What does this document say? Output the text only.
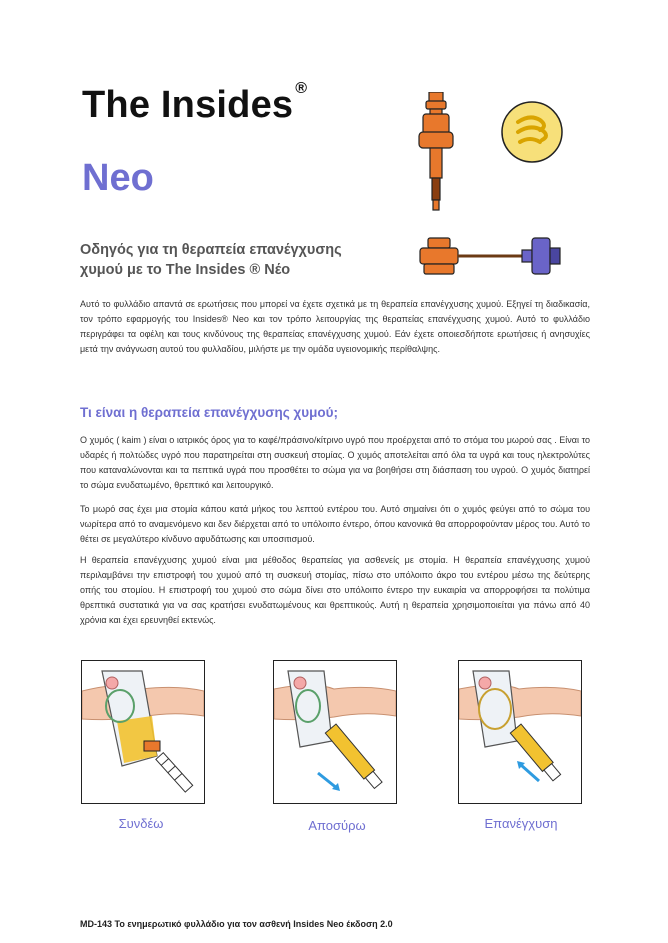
The Insides ®
Neo
Οδηγός για τη θεραπεία επανέγχυσης
χυμού με το The Insides ® Νέο
Αυτό το φυλλάδιο απαντά σε ερωτήσεις που μπορεί να έχετε σχετικά με τη θεραπεία επανέγχυσης χυμού. Εξηγεί τη διαδικασία, τον τρόπο εφαρμογής του Insides® Neo και τον τρόπο λειτουργίας της θεραπείας επανέγχυσης χυμού. Αυτό το φυλλάδιο περιγράφει τα οφέλη και τους κινδύνους της θεραπείας επανέγχυσης χυμού. Εάν έχετε οποιεσδήποτε ερωτήσεις ή ανησυχίες μετά την ανάγνωση αυτού του φυλλαδίου, μιλήστε με την ομάδα υγειονομικής περίθαλψης.
Τι είναι η θεραπεία επανέγχυσης χυμού;
Ο χυμός ( kaim ) είναι ο ιατρικός όρος για το καφέ/πράσινο/κίτρινο υγρό που προέρχεται από το στόμα του μωρού σας . Είναι το υδαρές ή πολτώδες υγρό που παρατηρείται στη συσκευή στομίας. Ο χυμός αποτελείται από όλα τα υγρά και τους ηλεκτρολύτες που καταναλώνονται και τα πεπτικά υγρά που προσθέτει το σώμα για να βοηθήσει στη διάσπαση του υγρού. Ο χυμός διατηρεί το σώμα ενυδατωμένο, θρεπτικό και λειτουργικό.
Το μωρό σας έχει μια στομία κάπου κατά μήκος του λεπτού εντέρου του. Αυτό σημαίνει ότι ο χυμός φεύγει από το σώμα του νωρίτερα από το αναμενόμενο και δεν διέρχεται από το υπόλοιπο έντερο, όπου κανονικά θα απορροφούνταν μέρος του. Αυτό το θέτει σε μεγαλύτερο κίνδυνο αφυδάτωσης και υποσιτισμού.
Η θεραπεία επανέγχυσης χυμού είναι μια μέθοδος θεραπείας για ασθενείς με στομία. Η θεραπεία επανέγχυσης χυμού περιλαμβάνει την επιστροφή του χυμού από τη συσκευή στομίας, πίσω στο υπόλοιπο άκρο του εντέρου μέσω της δεύτερης οπής του στομίου. Η επιστροφή του χυμού στο σώμα δίνει στο υπόλοιπο έντερο την ευκαιρία να απορροφήσει τα πολύτιμα θρεπτικά συστατικά για να σας κρατήσει ενυδατωμένους και θρεπτικούς. Αυτή η θεραπεία χρησιμοποιείται για πάνω από 40 χρόνια και έχει ερευνηθεί εκτενώς.
Συνδέω	Αποσύρω	Επανέγχυση
MD-143 Το ενημερωτικό φυλλάδιο για τον ασθενή Insides Neo έκδοση 2.0
